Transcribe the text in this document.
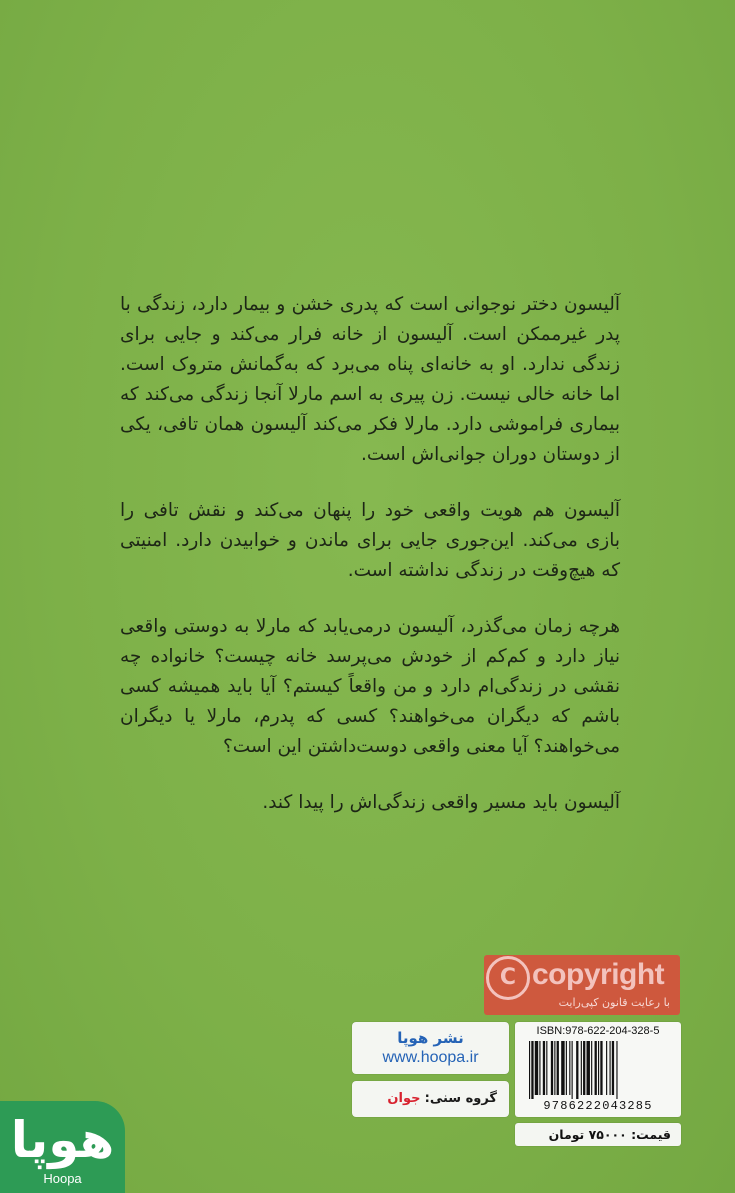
آلیسون دختر نوجوانی است که پدری خشن و بیمار دارد، زندگی با پدر غیرممکن است. آلیسون از خانه فرار می‌کند و جایی برای زندگی ندارد. او به خانه‌ای پناه می‌برد که به‌گمانش متروک است. اما خانه خالی نیست. زن پیری به اسم مارلا آنجا زندگی می‌کند که بیماری فراموشی دارد. مارلا فکر می‌کند آلیسون همان تافی، یکی از دوستان دوران جوانی‌اش است.

آلیسون هم هویت واقعی خود را پنهان می‌کند و نقش تافی را بازی می‌کند. این‌جوری جایی برای ماندن و خوابیدن دارد. امنیتی که هیچ‌وقت در زندگی نداشته است.

هرچه زمان می‌گذرد، آلیسون درمی‌یابد که مارلا به دوستی واقعی نیاز دارد و کم‌کم از خودش می‌پرسد خانه چیست؟ خانواده چه نقشی در زندگی‌ام دارد و من واقعاً کیستم؟ آیا باید همیشه کسی باشم که دیگران می‌خواهند؟ کسی که پدرم، مارلا یا دیگران می‌خواهند؟ آیا معنی واقعی دوست‌داشتن این است؟

آلیسون باید مسیر واقعی زندگی‌اش را پیدا کند.

C copyright
با رعایت قانون کپی‌رایت
نشر هوپا
www.hoopa.ir
گروه سنی: جوان
ISBN:978-622-204-328-5
9786222043285
قیمت: ۷۵۰۰۰ تومان
هوپا
Hoopa
